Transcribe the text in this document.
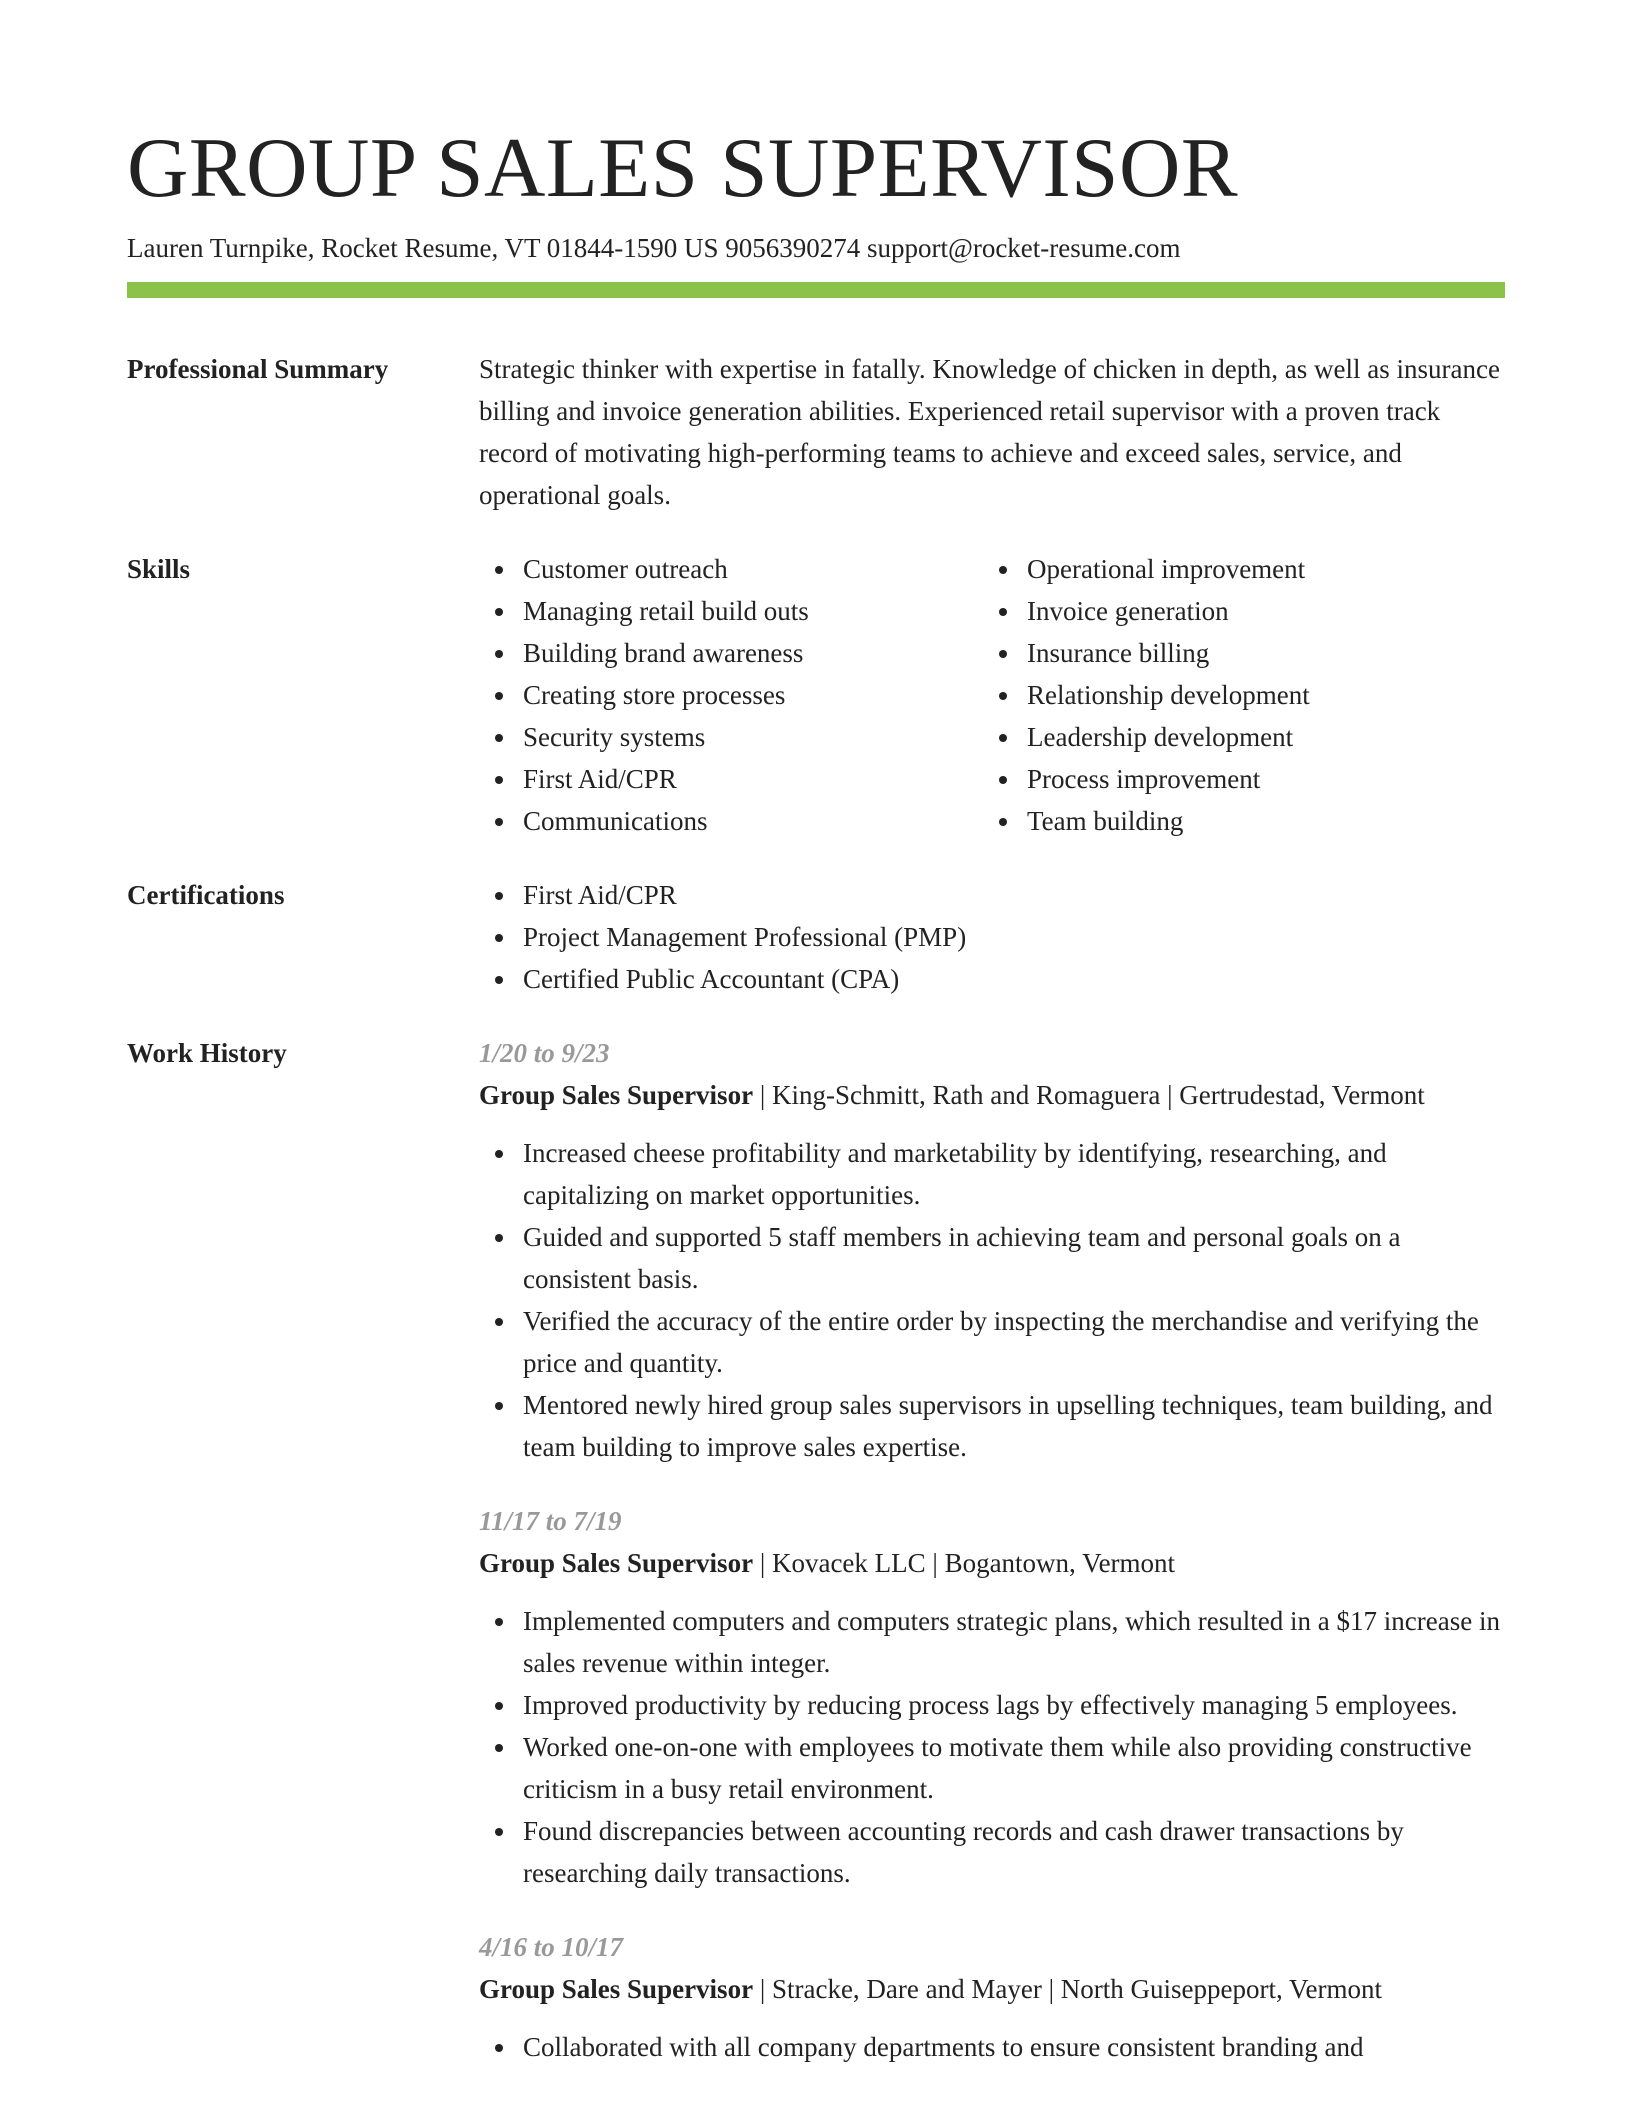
GROUP SALES SUPERVISOR
Lauren Turnpike, Rocket Resume, VT 01844-1590 US 9056390274 support@rocket-resume.com
Professional Summary	Strategic thinker with expertise in fatally. Knowledge of chicken in depth, as well as insurance billing and invoice generation abilities. Experienced retail supervisor with a proven track record of motivating high-performing teams to achieve and exceed sales, service, and operational goals.
Skills	Customer outreach
Managing retail build outs
Building brand awareness
Creating store processes
Security systems
First Aid/CPR
Communications
Operational improvement
Invoice generation
Insurance billing
Relationship development
Leadership development
Process improvement
Team building
Certifications	First Aid/CPR
Project Management Professional (PMP)
Certified Public Accountant (CPA)
Work History	1/20 to 9/23
Group Sales Supervisor | King-Schmitt, Rath and Romaguera | Gertrudestad, Vermont
Increased cheese profitability and marketability by identifying, researching, and capitalizing on market opportunities.
Guided and supported 5 staff members in achieving team and personal goals on a consistent basis.
Verified the accuracy of the entire order by inspecting the merchandise and verifying the price and quantity.
Mentored newly hired group sales supervisors in upselling techniques, team building, and team building to improve sales expertise.
11/17 to 7/19
Group Sales Supervisor | Kovacek LLC | Bogantown, Vermont
Implemented computers and computers strategic plans, which resulted in a $17 increase in sales revenue within integer.
Improved productivity by reducing process lags by effectively managing 5 employees.
Worked one-on-one with employees to motivate them while also providing constructive criticism in a busy retail environment.
Found discrepancies between accounting records and cash drawer transactions by researching daily transactions.
4/16 to 10/17
Group Sales Supervisor | Stracke, Dare and Mayer | North Guiseppeport, Vermont
Collaborated with all company departments to ensure consistent branding and
